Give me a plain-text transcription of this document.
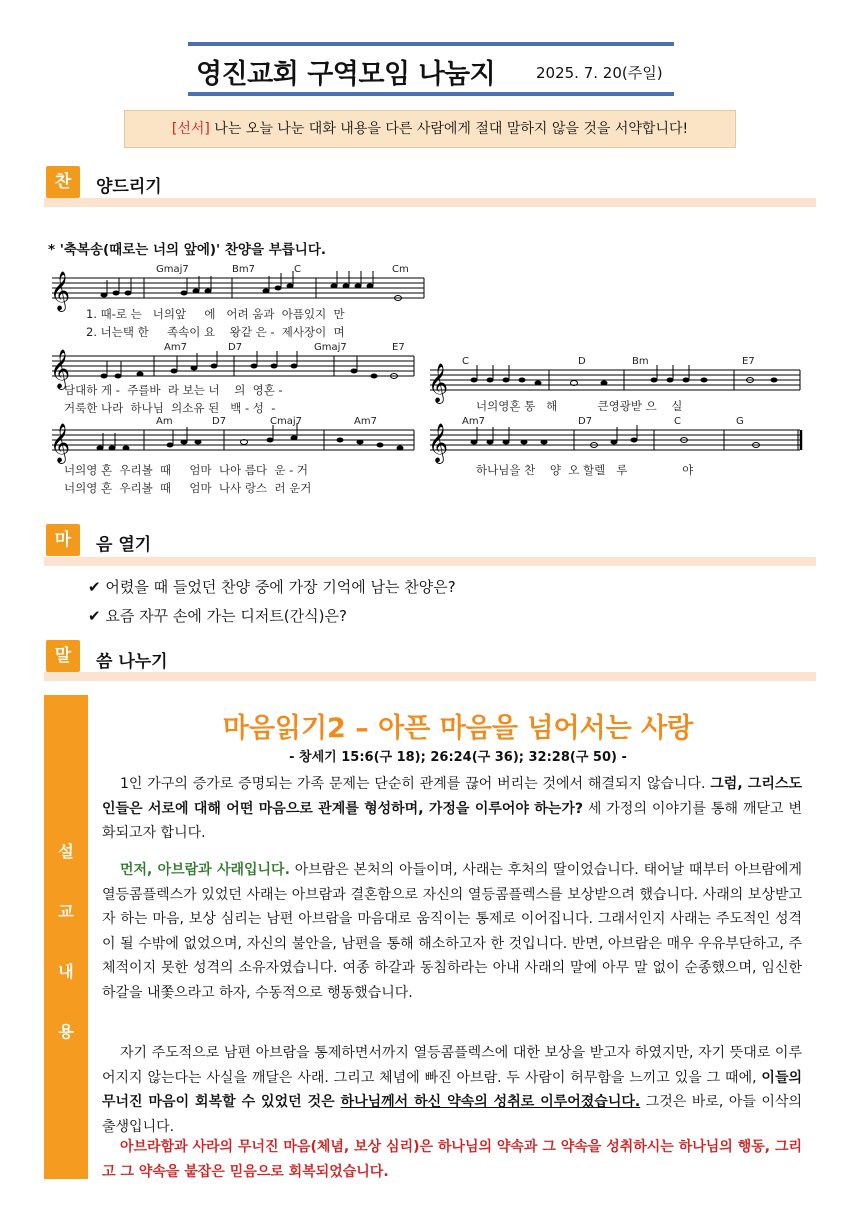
영진교회 구역모임 나눔지	2025. 7. 20(주일)
[선서] 나는 오늘 나눈 대화 내용을 다른 사람에게 절대 말하지 않을 것을 서약합니다!
찬	양드리기
* '축복송(때로는 너의 앞에)' 찬양을 부릅니다.
𝄞
𝄞	𝄞
𝄞	𝄞
Gmaj7	Bm7	C	Cm
Am7	D7	Gmaj7	E7
C	D	Bm	E7
Am	D7	Cmaj7	Am7	Am7	D7	C	G
1. 때-로 는   너의앞     에   어려 움과  아픔있지  만
2. 너는택 한     족속이 요    왕같 은 -  제사장이  며
담대하 게 -  주를바  라 보는 너    의  영혼 -
거룩한 나라  하나님  의소유 된   백 - 성  -	너의영혼 통   해           큰영광받 으    실
너의영 혼  우리볼  때     엄마  나아 름다  운 - 거
너의영 혼  우리볼  때     엄마  나사 랑스  러 운거
하나님을 찬    양  오 할렐   루               야
마	음 열기
✔ 어렸을 때 들었던 찬양 중에 가장 기억에 남는 찬양은?
✔ 요즘 자꾸 손에 가는 디저트(간식)은?
말	씀 나누기
설
교
내
용
마음읽기2 – 아픈 마음을 넘어서는 사랑
- 창세기 15:6(구 18); 26:24(구 36); 32:28(구 50) -
1인 가구의 증가로 증명되는 가족 문제는 단순히 관계를 끊어 버리는 것에서 해결되지 않습니다. 그럼, 그리스도인들은 서로에 대해 어떤 마음으로 관계를 형성하며, 가정을 이루어야 하는가? 세 가정의 이야기를 통해 깨닫고 변화되고자 합니다.
먼저, 아브람과 사래입니다. 아브람은 본처의 아들이며, 사래는 후처의 딸이었습니다. 태어날 때부터 아브람에게 열등콤플렉스가 있었던 사래는 아브람과 결혼함으로 자신의 열등콤플렉스를 보상받으려 했습니다. 사래의 보상받고자 하는 마음, 보상 심리는 남편 아브람을 마음대로 움직이는 통제로 이어집니다. 그래서인지 사래는 주도적인 성격이 될 수밖에 없었으며, 자신의 불안을, 남편을 통해 해소하고자 한 것입니다. 반면, 아브람은 매우 우유부단하고, 주체적이지 못한 성격의 소유자였습니다. 여종 하갈과 동침하라는 아내 사래의 말에 아무 말 없이 순종했으며, 임신한 하갈을 내쫓으라고 하자, 수동적으로 행동했습니다.
자기 주도적으로 남편 아브람을 통제하면서까지 열등콤플렉스에 대한 보상을 받고자 하였지만, 자기 뜻대로 이루어지지 않는다는 사실을 깨달은 사래. 그리고 체념에 빠진 아브람. 두 사람이 허무함을 느끼고 있을 그 때에, 이들의 무너진 마음이 회복할 수 있었던 것은 하나님께서 하신 약속의 성취로 이루어졌습니다. 그것은 바로, 아들 이삭의 출생입니다.
아브라함과 사라의 무너진 마음(체념, 보상 심리)은 하나님의 약속과 그 약속을 성취하시는 하나님의 행동, 그리고 그 약속을 붙잡은 믿음으로 회복되었습니다.
